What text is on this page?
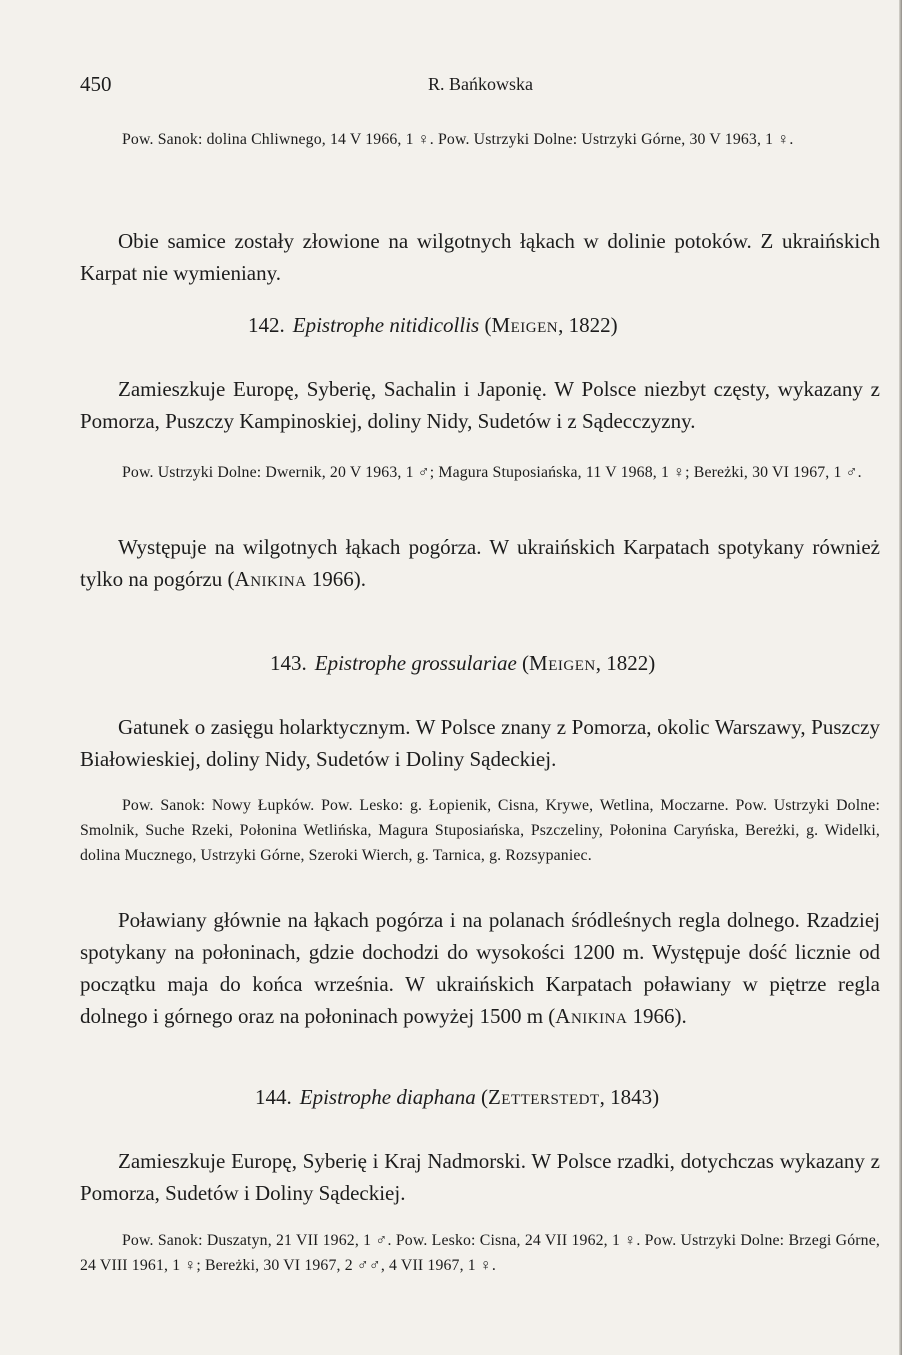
450	R. Bańkowska

Pow. Sanok: dolina Chliwnego, 14 V 1966, 1 ♀. Pow. Ustrzyki Dolne: Ustrzyki Górne, 30 V 1963, 1 ♀.

Obie samice zostały złowione na wilgotnych łąkach w dolinie potoków. Z ukraińskich Karpat nie wymieniany.

142. Epistrophe nitidicollis (Meigen, 1822)

Zamieszkuje Europę, Syberię, Sachalin i Japonię. W Polsce niezbyt częsty, wykazany z Pomorza, Puszczy Kampinoskiej, doliny Nidy, Sudetów i z Sądecczyzny.

Pow. Ustrzyki Dolne: Dwernik, 20 V 1963, 1 ♂; Magura Stuposiańska, 11 V 1968, 1 ♀; Bereżki, 30 VI 1967, 1 ♂.

Występuje na wilgotnych łąkach pogórza. W ukraińskich Karpatach spotykany również tylko na pogórzu (Anikina 1966).

143. Epistrophe grossulariae (Meigen, 1822)

Gatunek o zasięgu holarktycznym. W Polsce znany z Pomorza, okolic Warszawy, Puszczy Białowieskiej, doliny Nidy, Sudetów i Doliny Sądeckiej.

Pow. Sanok: Nowy Łupków. Pow. Lesko: g. Łopienik, Cisna, Krywe, Wetlina, Moczarne. Pow. Ustrzyki Dolne: Smolnik, Suche Rzeki, Połonina Wetlińska, Magura Stuposiańska, Pszczeliny, Połonina Caryńska, Bereżki, g. Widelki, dolina Mucznego, Ustrzyki Górne, Szeroki Wierch, g. Tarnica, g. Rozsypaniec.

Poławiany głównie na łąkach pogórza i na polanach śródleśnych regla dolnego. Rzadziej spotykany na połoninach, gdzie dochodzi do wysokości 1200 m. Występuje dość licznie od początku maja do końca września. W ukraińskich Karpatach poławiany w piętrze regla dolnego i górnego oraz na połoninach powyżej 1500 m (Anikina 1966).

144. Epistrophe diaphana (Zetterstedt, 1843)

Zamieszkuje Europę, Syberię i Kraj Nadmorski. W Polsce rzadki, dotychczas wykazany z Pomorza, Sudetów i Doliny Sądeckiej.

Pow. Sanok: Duszatyn, 21 VII 1962, 1 ♂. Pow. Lesko: Cisna, 24 VII 1962, 1 ♀. Pow. Ustrzyki Dolne: Brzegi Górne, 24 VIII 1961, 1 ♀; Bereżki, 30 VI 1967, 2 ♂♂, 4 VII 1967, 1 ♀.
